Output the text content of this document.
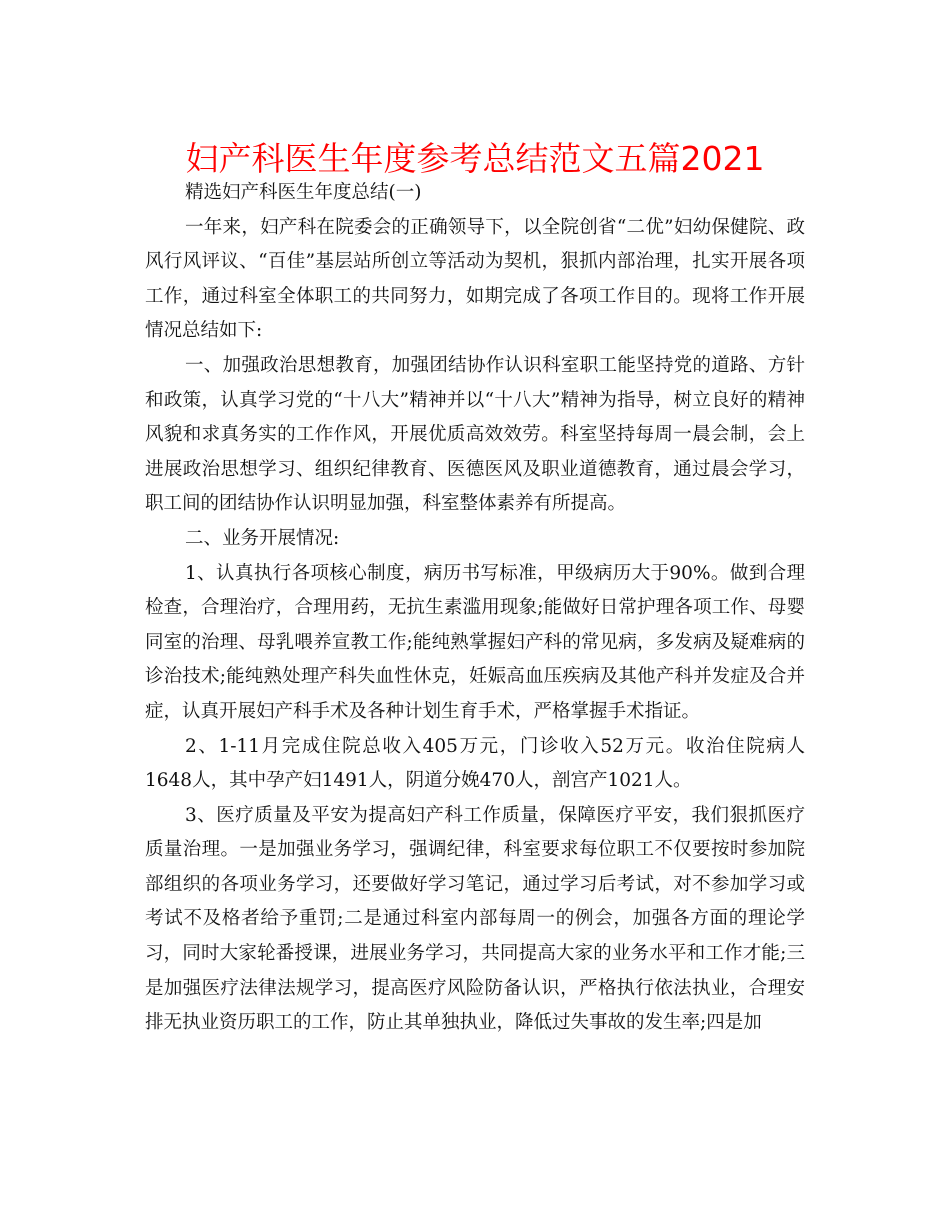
妇产科医生年度参考总结范文五篇2021

精选妇产科医生年度总结(一)

一年来，妇产科在院委会的正确领导下，以全院创省“二优”妇幼保健院、政风行风评议、“百佳”基层站所创立等活动为契机，狠抓内部治理，扎实开展各项工作，通过科室全体职工的共同努力，如期完成了各项工作目的。现将工作开展情况总结如下:

一、加强政治思想教育，加强团结协作认识科室职工能坚持党的道路、方针和政策，认真学习党的“十八大”精神并以“十八大”精神为指导，树立良好的精神风貌和求真务实的工作作风，开展优质高效效劳。科室坚持每周一晨会制，会上进展政治思想学习、组织纪律教育、医德医风及职业道德教育，通过晨会学习，职工间的团结协作认识明显加强，科室整体素养有所提高。

二、业务开展情况:

1、认真执行各项核心制度，病历书写标准，甲级病历大于90%。做到合理检查，合理治疗，合理用药，无抗生素滥用现象;能做好日常护理各项工作、母婴同室的治理、母乳喂养宣教工作;能纯熟掌握妇产科的常见病，多发病及疑难病的诊治技术;能纯熟处理产科失血性休克，妊娠高血压疾病及其他产科并发症及合并症，认真开展妇产科手术及各种计划生育手术，严格掌握手术指证。

2、1-11月完成住院总收入405万元，门诊收入52万元。收治住院病人1648人，其中孕产妇1491人，阴道分娩470人，剖宫产1021人。

3、医疗质量及平安为提高妇产科工作质量，保障医疗平安，我们狠抓医疗质量治理。一是加强业务学习，强调纪律，科室要求每位职工不仅要按时参加院部组织的各项业务学习，还要做好学习笔记，通过学习后考试，对不参加学习或考试不及格者给予重罚;二是通过科室内部每周一的例会，加强各方面的理论学习，同时大家轮番授课，进展业务学习，共同提高大家的业务水平和工作才能;三是加强医疗法律法规学习，提高医疗风险防备认识，严格执行依法执业，合理安排无执业资历职工的工作，防止其单独执业，降低过失事故的发生率;四是加
